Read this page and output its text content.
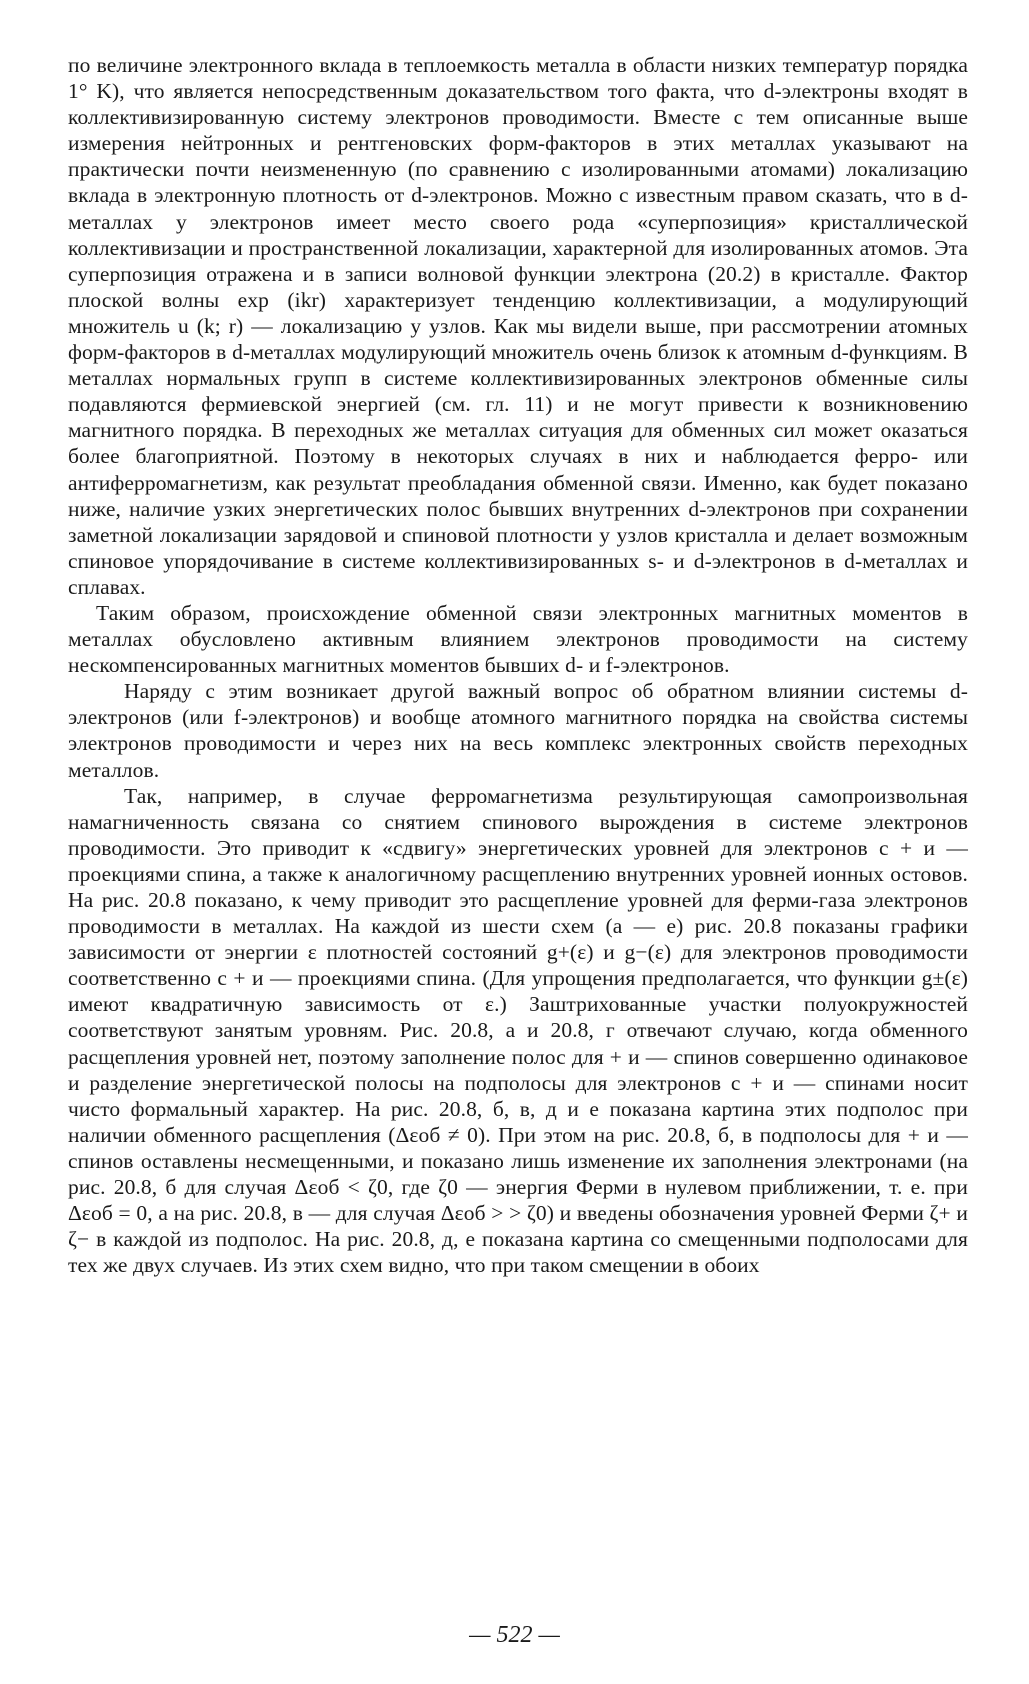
по величине электронного вклада в теплоемкость металла в области низких температур порядка 1° K), что является непосредственным доказательством того факта, что d-электроны входят в коллективизированную систему электронов проводимости. Вместе с тем описанные выше измерения нейтронных и рентгеновских форм-факторов в этих металлах указывают на практически почти неизмененную (по сравнению с изолированными атомами) локализацию вклада в электронную плотность от d-электронов. Можно с известным правом сказать, что в d-металлах у электронов имеет место своего рода «суперпозиция» кристаллической коллективизации и пространственной локализации, характерной для изолированных атомов. Эта суперпозиция отражена и в записи волновой функции электрона (20.2) в кристалле. Фактор плоской волны exp (ikr) характеризует тенденцию коллективизации, а модулирующий множитель u (k; r) — локализацию у узлов. Как мы видели выше, при рассмотрении атомных форм-факторов в d-металлах модулирующий множитель очень близок к атомным d-функциям. В металлах нормальных групп в системе коллективизированных электронов обменные силы подавляются фермиевской энергией (см. гл. 11) и не могут привести к возникновению магнитного порядка. В переходных же металлах ситуация для обменных сил может оказаться более благоприятной. Поэтому в некоторых случаях в них и наблюдается ферро- или антиферромагнетизм, как результат преобладания обменной связи. Именно, как будет показано ниже, наличие узких энергетических полос бывших внутренних d-электронов при сохранении заметной локализации зарядовой и спиновой плотности у узлов кристалла и делает возможным спиновое упорядочивание в системе коллективизированных s- и d-электронов в d-металлах и сплавах.

Таким образом, происхождение обменной связи электронных магнитных моментов в металлах обусловлено активным влиянием электронов проводимости на систему нескомпенсированных магнитных моментов бывших d- и f-электронов.

Наряду с этим возникает другой важный вопрос об обратном влиянии системы d-электронов (или f-электронов) и вообще атомного магнитного порядка на свойства системы электронов проводимости и через них на весь комплекс электронных свойств переходных металлов.

Так, например, в случае ферромагнетизма результирующая самопроизвольная намагниченность связана со снятием спинового вырождения в системе электронов проводимости. Это приводит к «сдвигу» энергетических уровней для электронов с + и — проекциями спина, а также к аналогичному расщеплению внутренних уровней ионных остовов. На рис. 20.8 показано, к чему приводит это расщепление уровней для ферми-газа электронов проводимости в металлах. На каждой из шести схем (а — е) рис. 20.8 показаны графики зависимости от энергии ε плотностей состояний g+(ε) и g−(ε) для электронов проводимости соответственно с + и — проекциями спина. (Для упрощения предполагается, что функции g±(ε) имеют квадратичную зависимость от ε.) Заштрихованные участки полуокружностей соответствуют занятым уровням. Рис. 20.8, а и 20.8, г отвечают случаю, когда обменного расщепления уровней нет, поэтому заполнение полос для + и — спинов совершенно одинаковое и разделение энергетической полосы на подполосы для электронов с + и — спинами носит чисто формальный характер. На рис. 20.8, б, в, д и е показана картина этих подполос при наличии обменного расщепления (Δεоб ≠ 0). При этом на рис. 20.8, б, в подполосы для + и — спинов оставлены несмещенными, и показано лишь изменение их заполнения электронами (на рис. 20.8, б для случая Δεоб < ζ0, где ζ0 — энергия Ферми в нулевом приближении, т. е. при Δεоб = 0, а на рис. 20.8, в — для случая Δεоб > > ζ0) и введены обозначения уровней Ферми ζ+ и ζ− в каждой из подполос. На рис. 20.8, д, е показана картина со смещенными подполосами для тех же двух случаев. Из этих схем видно, что при таком смещении в обоих

— 522 —
